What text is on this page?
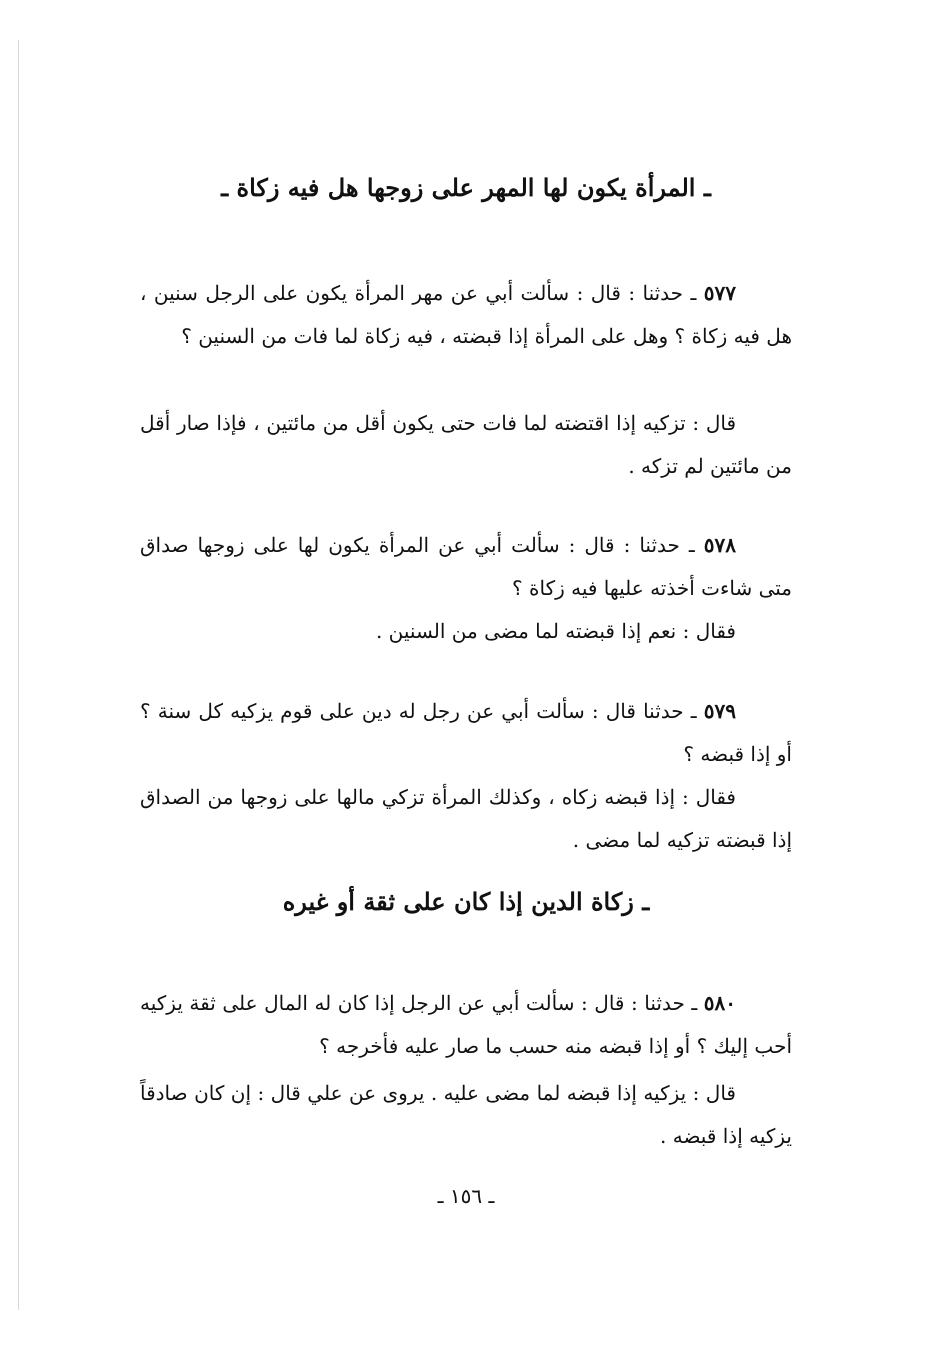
ـ المرأة يكون لها المهر على زوجها هل فيه زكاة ـ

٥٧٧ ـ حدثنا : قال : سألت أبي عن مهر المرأة يكون على الرجل سنين ، هل فيه زكاة ؟ وهل على المرأة إذا قبضته ، فيه زكاة لما فات من السنين ؟

قال : تزكيه إذا اقتضته لما فات حتى يكون أقل من مائتين ، فإذا صار أقل من مائتين لم تزكه .

٥٧٨ ـ حدثنا : قال : سألت أبي عن المرأة يكون لها على زوجها صداق متى شاءت أخذته عليها فيه زكاة ؟

فقال : نعم إذا قبضته لما مضى من السنين .

٥٧٩ ـ حدثنا قال : سألت أبي عن رجل له دين على قوم يزكيه كل سنة ؟ أو إذا قبضه ؟

فقال : إذا قبضه زكاه ، وكذلك المرأة تزكي مالها على زوجها من الصداق إذا قبضته تزكيه لما مضى .

ـ زكاة الدين إذا كان على ثقة أو غيره

٥٨٠ ـ حدثنا : قال : سألت أبي عن الرجل إذا كان له المال على ثقة يزكيه أحب إليك ؟ أو إذا قبضه منه حسب ما صار عليه فأخرجه ؟

قال : يزكيه إذا قبضه لما مضى عليه . يروى عن علي قال : إن كان صادقاً يزكيه إذا قبضه .

ـ ١٥٦ ـ
